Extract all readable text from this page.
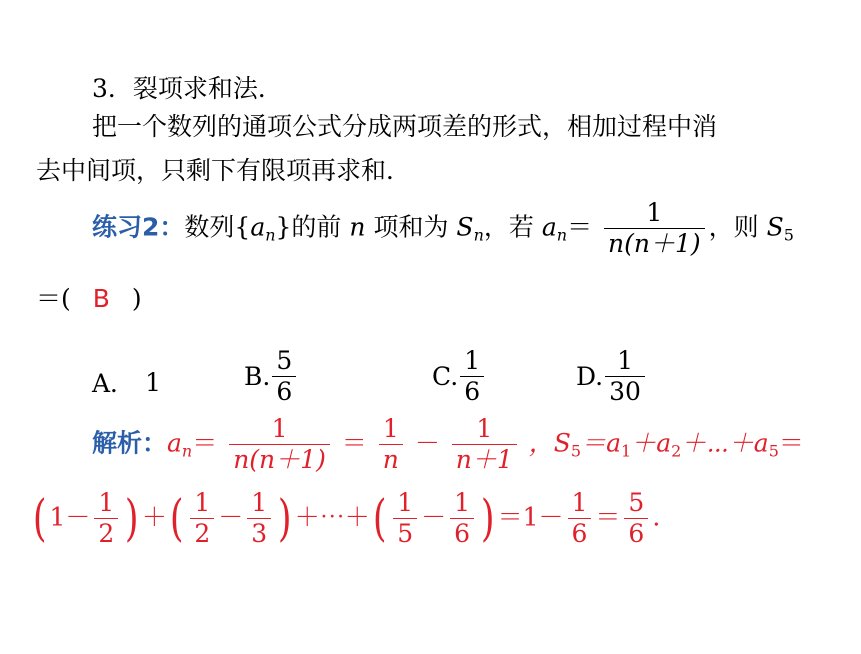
3．裂项求和法．
把一个数列的通项公式分成两项差的形式，相加过程中消
去中间项，只剩下有限项再求和．
练习2：数列$\{a_n\}$的前 n 项和为 $S_n$，若 $a_n= \frac{1}{n(n+1)}$ ，则 $S_5$
＝( B )
A． 1	B. $\frac{5}{6}$	C. $\frac{1}{6}$	D. $\frac{1}{30}$
解析：$a_n= \frac{1}{n(n+1)} = \frac{1}{n} - \frac{1}{n+1}$ ，$S_5=a_1+a_2+\cdots+a_5=$
( $1- \frac{1}{2}$ ) ＋( $\frac{1}{2} - \frac{1}{3}$ ) ＋⋯＋( $\frac{1}{5} - \frac{1}{6}$ ) $=1- \frac{1}{6} = \frac{5}{6}$ .
